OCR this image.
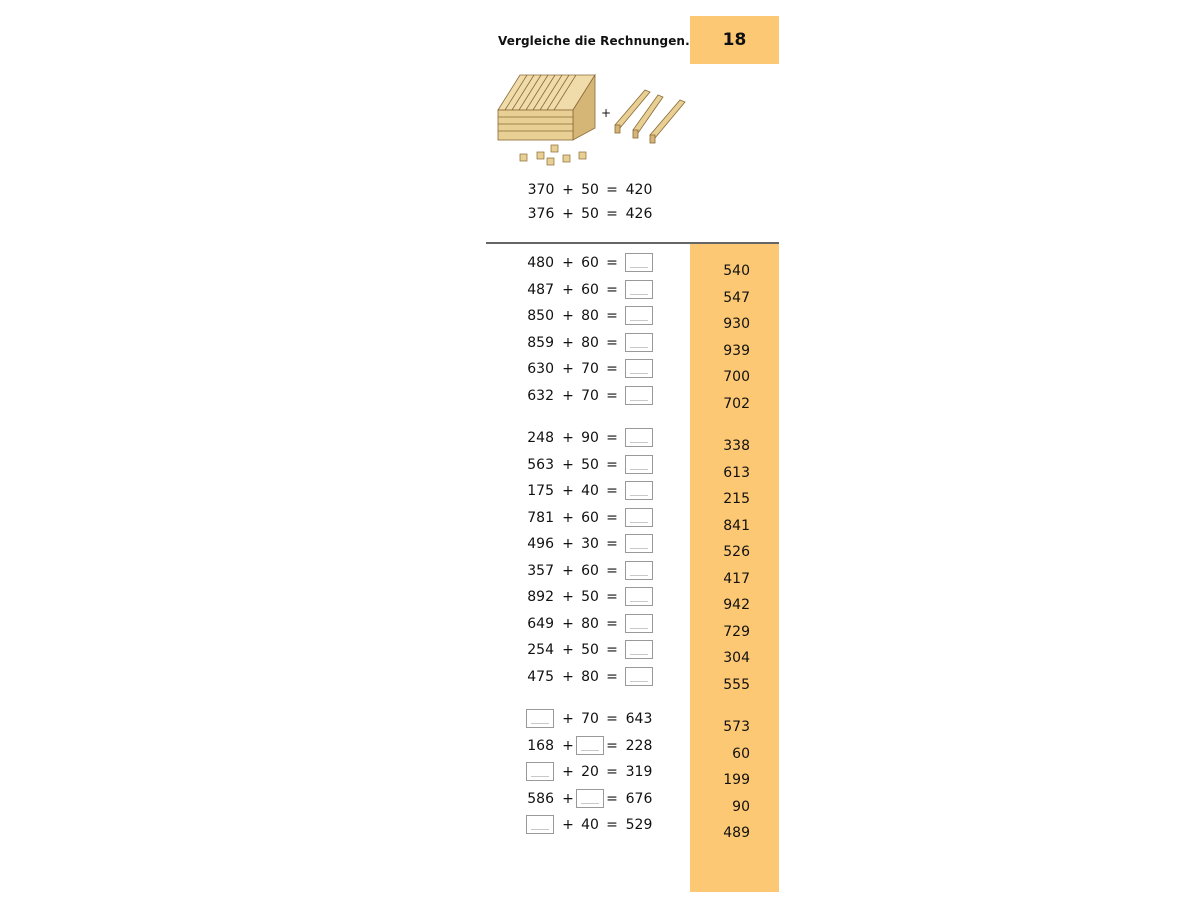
Vergleiche die Rechnungen.	18
+
370 + 50 = 420
376 + 50 = 426
480 + 60 =
487 + 60 =
850 + 80 =
859 + 80 =
630 + 70 =
632 + 70 =
248 + 90 =
563 + 50 =
175 + 40 =
781 + 60 =
496 + 30 =
357 + 60 =
892 + 50 =
649 + 80 =
254 + 50 =
475 + 80 =
+ 70 = 643
168 + = 228
+ 20 = 319
586 + = 676
+ 40 = 529
540
547
930
939
700
702
338
613
215
841
526
417
942
729
304
555
573
60
199
90
489
